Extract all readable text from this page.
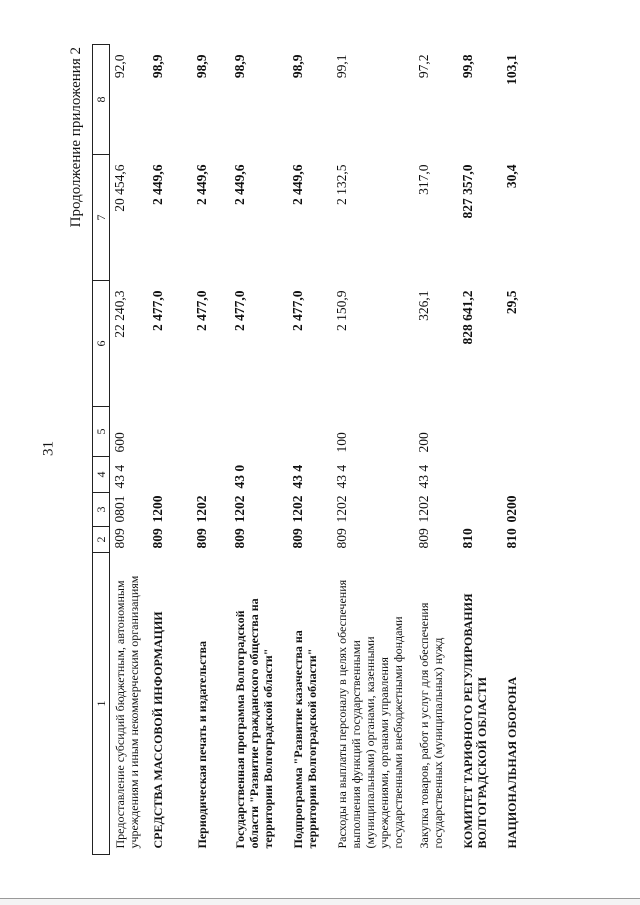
31
Продолжение приложения 2
1	2	3	4	5	6	7	8
Предоставление субсидий бюджетным, автономным учреждениям и иным некоммерческим организациям	809	0801	43 4	600	22 240,3	20 454,6	92,0
СРЕДСТВА МАССОВОЙ ИНФОРМАЦИИ	809	1200			2 477,0	2 449,6	98,9
Периодическая печать и издательства	809	1202			2 477,0	2 449,6	98,9
Государственная программа Волгоградской области "Развитие гражданского общества на территории Волгоградской области"	809	1202	43 0		2 477,0	2 449,6	98,9
Подпрограмма "Развитие казачества на территории Волгоградской области"	809	1202	43 4		2 477,0	2 449,6	98,9
Расходы на выплаты персоналу в целях обеспечения выполнения функций государственными (муниципальными) органами, казенными учреждениями, органами управления государственными внебюджетными фондами	809	1202	43 4	100	2 150,9	2 132,5	99,1
Закупка товаров, работ и услуг для обеспечения государственных (муниципальных) нужд	809	1202	43 4	200	326,1	317,0	97,2
КОМИТЕТ ТАРИФНОГО РЕГУЛИРОВАНИЯ ВОЛГОГРАДСКОЙ ОБЛАСТИ	810				828 641,2	827 357,0	99,8
НАЦИОНАЛЬНАЯ ОБОРОНА	810	0200			29,5	30,4	103,1
